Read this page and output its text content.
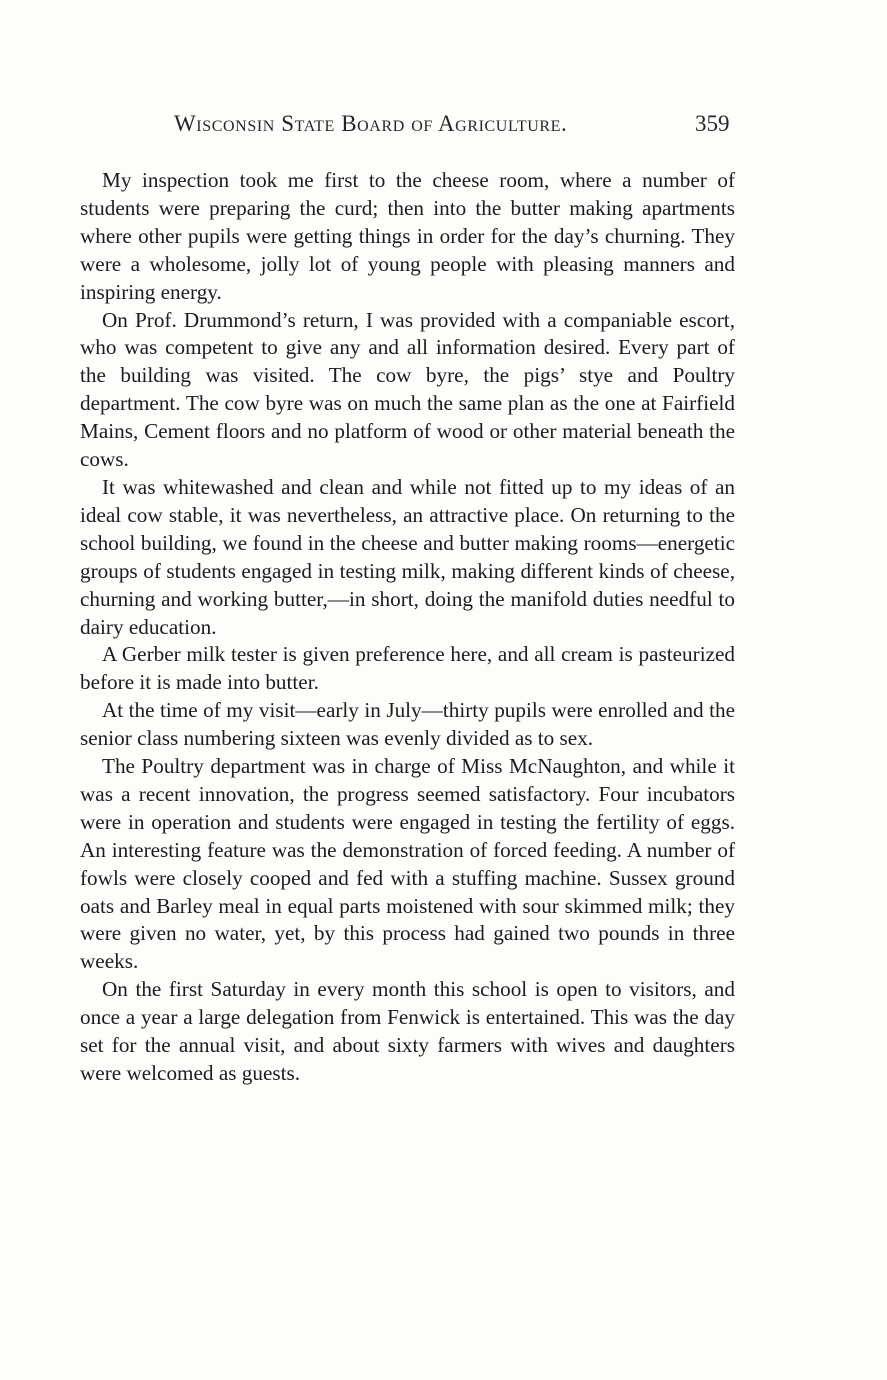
Wisconsin State Board of Agriculture.	359

My inspection took me first to the cheese room, where a number of students were preparing the curd; then into the butter making apartments where other pupils were getting things in order for the day’s churning. They were a wholesome, jolly lot of young people with pleasing manners and inspiring energy.

On Prof. Drummond’s return, I was provided with a companiable escort, who was competent to give any and all information desired. Every part of the building was visited. The cow byre, the pigs’ stye and Poultry department. The cow byre was on much the same plan as the one at Fairfield Mains, Cement floors and no platform of wood or other material beneath the cows.

It was whitewashed and clean and while not fitted up to my ideas of an ideal cow stable, it was nevertheless, an attractive place. On returning to the school building, we found in the cheese and butter making rooms—energetic groups of students engaged in testing milk, making different kinds of cheese, churning and working butter,—in short, doing the manifold duties needful to dairy education.

A Gerber milk tester is given preference here, and all cream is pasteurized before it is made into butter.

At the time of my visit—early in July—thirty pupils were enrolled and the senior class numbering sixteen was evenly divided as to sex.

The Poultry department was in charge of Miss McNaughton, and while it was a recent innovation, the progress seemed satisfactory. Four incubators were in operation and students were engaged in testing the fertility of eggs. An interesting feature was the demonstration of forced feeding. A number of fowls were closely cooped and fed with a stuffing machine. Sussex ground oats and Barley meal in equal parts moistened with sour skimmed milk; they were given no water, yet, by this process had gained two pounds in three weeks.

On the first Saturday in every month this school is open to visitors, and once a year a large delegation from Fenwick is entertained. This was the day set for the annual visit, and about sixty farmers with wives and daughters were welcomed as guests.
